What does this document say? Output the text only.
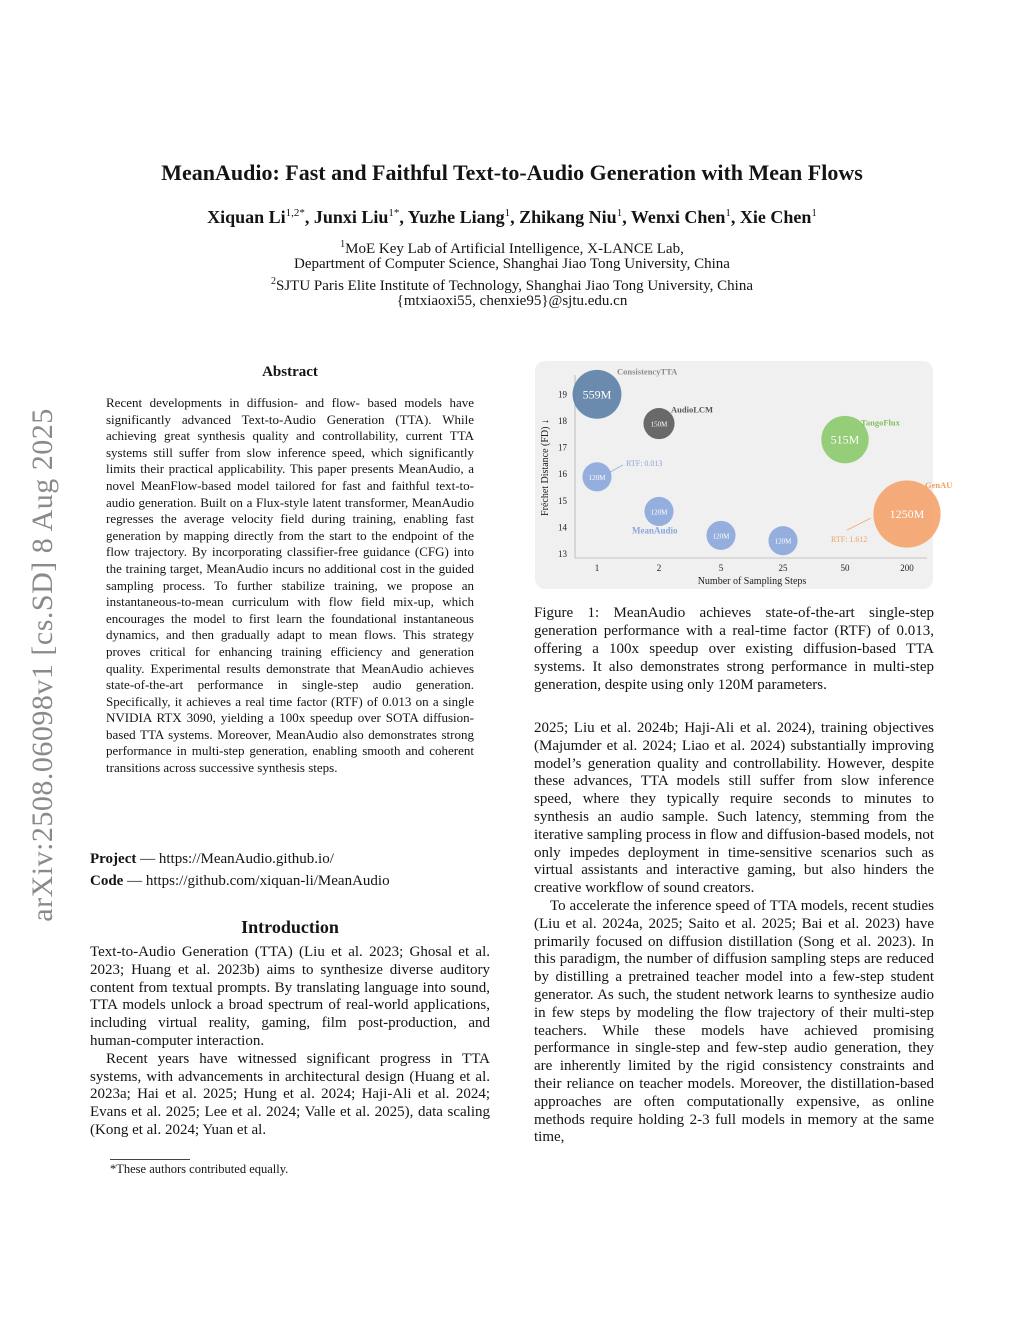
arXiv:2508.06098v1 [cs.SD] 8 Aug 2025
MeanAudio: Fast and Faithful Text-to-Audio Generation with Mean Flows
Xiquan $Li^{1,2*}$, Junxi Liu$^{1*}$, Yuzhe Liang$^1$, Zhikang Niu$^1$, Wenxi Chen$^1$, Xie Chen$^1$
$^1$MoE Key Lab of Artificial Intelligence, X-LANCE Lab,
Department of Computer Science, Shanghai Jiao Tong University, China
$^2$SJTU Paris Elite Institute of Technology, Shanghai Jiao Tong University, China
{mtxiaoxi55, chenxie95}@sjtu.edu.cn
Abstract
Recent developments in diffusion- and flow- based models have significantly advanced Text-to-Audio Generation (TTA). While achieving great synthesis quality and controllability, current TTA systems still suffer from slow inference speed, which significantly limits their practical applicability. This paper presents MeanAudio, a novel MeanFlow-based model tailored for fast and faithful text-to-audio generation. Built on a Flux-style latent transformer, MeanAudio regresses the average velocity field during training, enabling fast generation by mapping directly from the start to the endpoint of the flow trajectory. By incorporating classifier-free guidance (CFG) into the training target, MeanAudio incurs no additional cost in the guided sampling process. To further stabilize training, we propose an instantaneous-to-mean curriculum with flow field mix-up, which encourages the model to first learn the foundational instantaneous dynamics, and then gradually adapt to mean flows. This strategy proves critical for enhancing training efficiency and generation quality. Experimental results demonstrate that MeanAudio achieves state-of-the-art performance in single-step audio generation. Specifically, it achieves a real time factor (RTF) of 0.013 on a single NVIDIA RTX 3090, yielding a 100x speedup over SOTA diffusion-based TTA systems. Moreover, MeanAudio also demonstrates strong performance in multi-step generation, enabling smooth and coherent transitions across successive synthesis steps.
Project — https://MeanAudio.github.io/
Code — https://github.com/xiquan-li/MeanAudio
Introduction

Text-to-Audio Generation (TTA) (Liu et al. 2023; Ghosal et al. 2023; Huang et al. 2023b) aims to synthesize diverse auditory content from textual prompts. By translating language into sound, TTA models unlock a broad spectrum of real-world applications, including virtual reality, gaming, film post-production, and human-computer interaction.

Recent years have witnessed significant progress in TTA systems, with advancements in architectural design (Huang et al. 2023a; Hai et al. 2025; Hung et al. 2024; Haji-Ali et al. 2024; Evans et al. 2025; Lee et al. 2024; Valle et al. 2025), data scaling (Kong et al. 2024; Yuan et al.

*These authors contributed equally.
13
14
15
16
17
18
19
1	2	5	25	50	200
Number of Sampling Steps
Fréchet Distance (FD) ↓
559M
ConsistencyTTA
150M
AudioLCM
515M
TangoFlux
1250M
GenAU
120M
120M
120M
120M
RTF: 0.013
MeanAudio
RTF: 1.612
Figure 1: MeanAudio achieves state-of-the-art single-step generation performance with a real-time factor (RTF) of 0.013, offering a 100x speedup over existing diffusion-based TTA systems. It also demonstrates strong performance in multi-step generation, despite using only 120M parameters.

2025; Liu et al. 2024b; Haji-Ali et al. 2024), training objectives (Majumder et al. 2024; Liao et al. 2024) substantially improving model’s generation quality and controllability. However, despite these advances, TTA models still suffer from slow inference speed, where they typically require seconds to minutes to synthesis an audio sample. Such latency, stemming from the iterative sampling process in flow and diffusion-based models, not only impedes deployment in time-sensitive scenarios such as virtual assistants and interactive gaming, but also hinders the creative workflow of sound creators.

To accelerate the inference speed of TTA models, recent studies (Liu et al. 2024a, 2025; Saito et al. 2025; Bai et al. 2023) have primarily focused on diffusion distillation (Song et al. 2023). In this paradigm, the number of diffusion sampling steps are reduced by distilling a pretrained teacher model into a few-step student generator. As such, the student network learns to synthesize audio in few steps by modeling the flow trajectory of their multi-step teachers. While these models have achieved promising performance in single-step and few-step audio generation, they are inherently limited by the rigid consistency constraints and their reliance on teacher models. Moreover, the distillation-based approaches are often computationally expensive, as online methods require holding 2-3 full models in memory at the same time,
